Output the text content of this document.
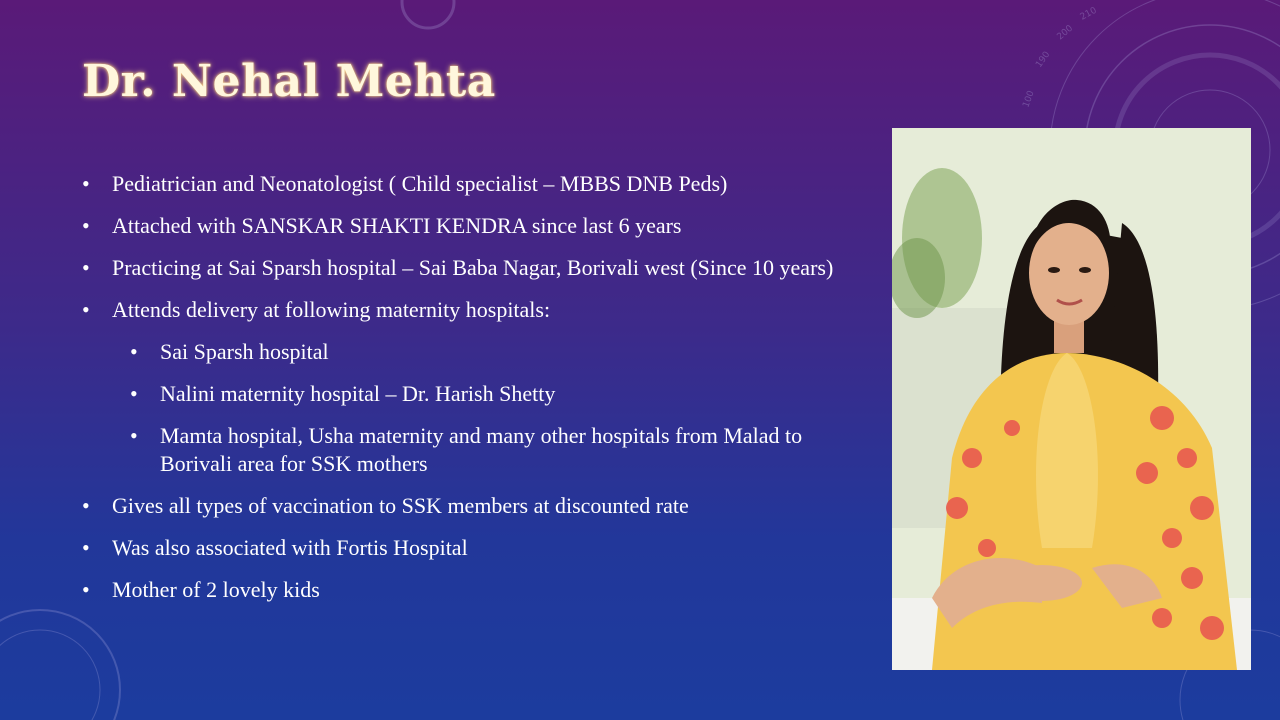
100
190
200
210
Dr. Nehal Mehta
• Pediatrician and Neonatologist ( Child specialist – MBBS DNB Peds)
• Attached with SANSKAR SHAKTI KENDRA since last 6 years
• Practicing at Sai Sparsh hospital – Sai Baba Nagar, Borivali west (Since 10 years)
• Attends delivery at following maternity hospitals:
• Sai Sparsh hospital
• Nalini maternity hospital – Dr. Harish Shetty
• Mamta hospital, Usha maternity and many other hospitals from Malad to Borivali area for SSK mothers
• Gives all types of vaccination to SSK members at discounted rate
• Was also associated with Fortis Hospital
• Mother of 2 lovely kids
